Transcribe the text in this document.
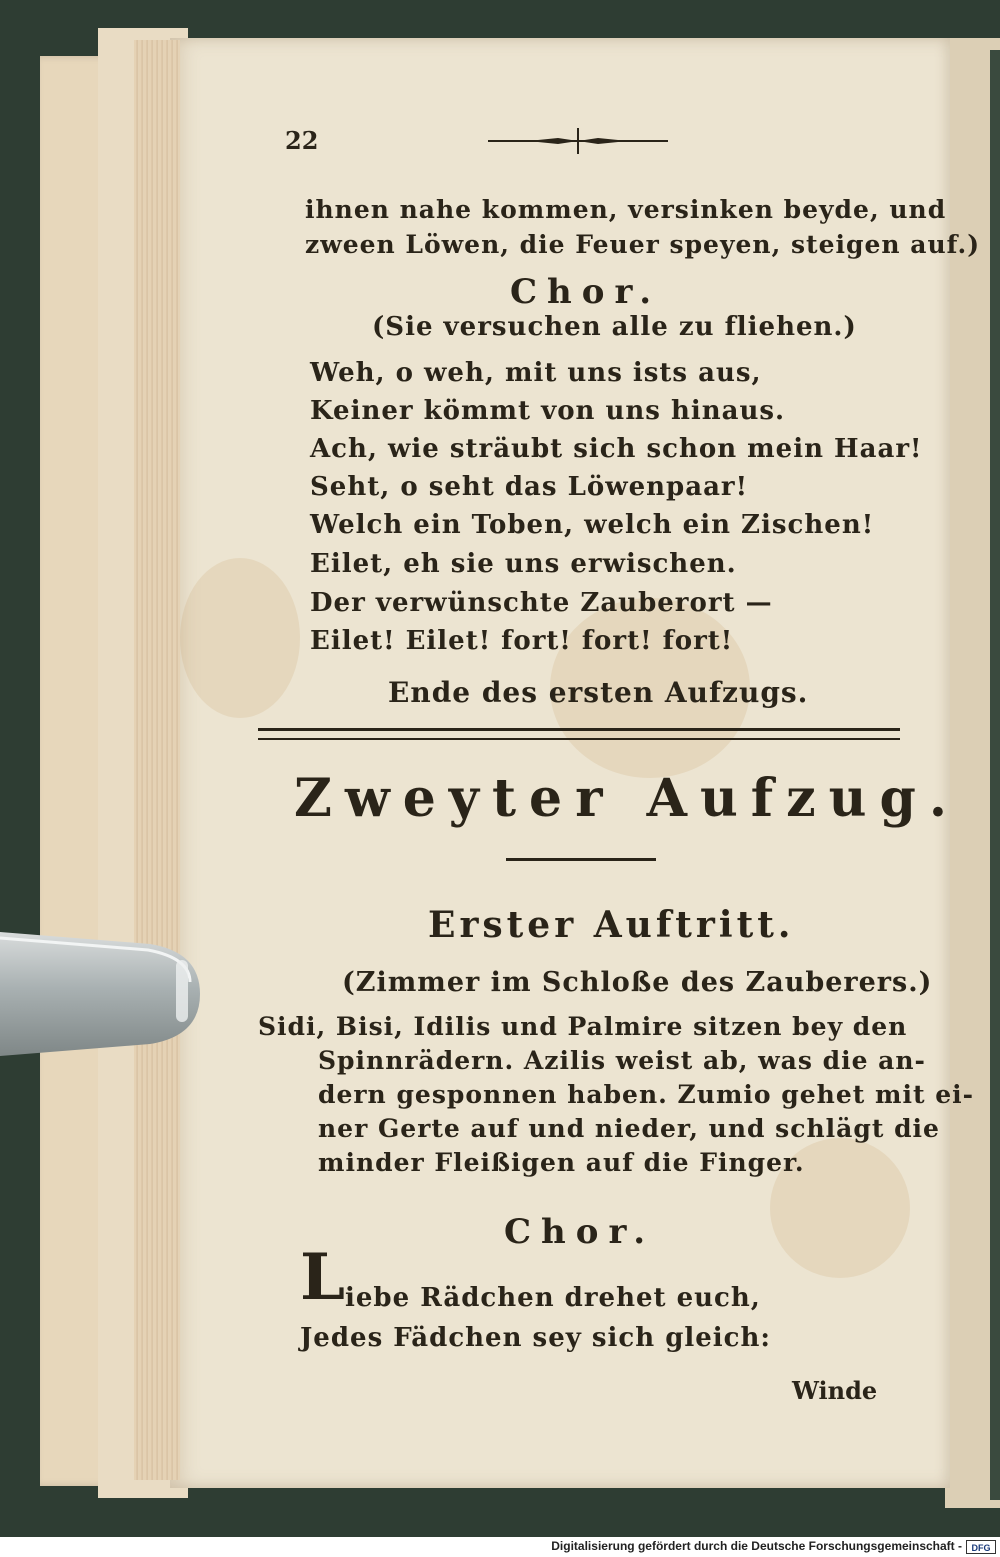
22
ihnen nahe kommen, versinken beyde, und
zween Löwen, die Feuer speyen, steigen auf.)
Chor.
(Sie versuchen alle zu fliehen.)
Weh, o weh, mit uns ists aus,
Keiner kömmt von uns hinaus.
Ach, wie sträubt sich schon mein Haar!
Seht, o seht das Löwenpaar!
Welch ein Toben, welch ein Zischen!
Eilet, eh sie uns erwischen.
Der verwünschte Zauberort —
Eilet! Eilet! fort! fort! fort!
Ende des ersten Aufzugs.
Zweyter Aufzug.
Erster Auftritt.
(Zimmer im Schloße des Zauberers.)
Sidi, Bisi, Idilis und Palmire sitzen bey den
Spinnrädern. Azilis weist ab, was die an-
dern gesponnen haben. Zumio gehet mit ei-
ner Gerte auf und nieder, und schlägt die
minder Fleißigen auf die Finger.
Chor.
L iebe Rädchen drehet euch,
Jedes Fädchen sey sich gleich:
Winde
Digitalisierung gefördert durch die Deutsche Forschungsgemeinschaft -	DFG
